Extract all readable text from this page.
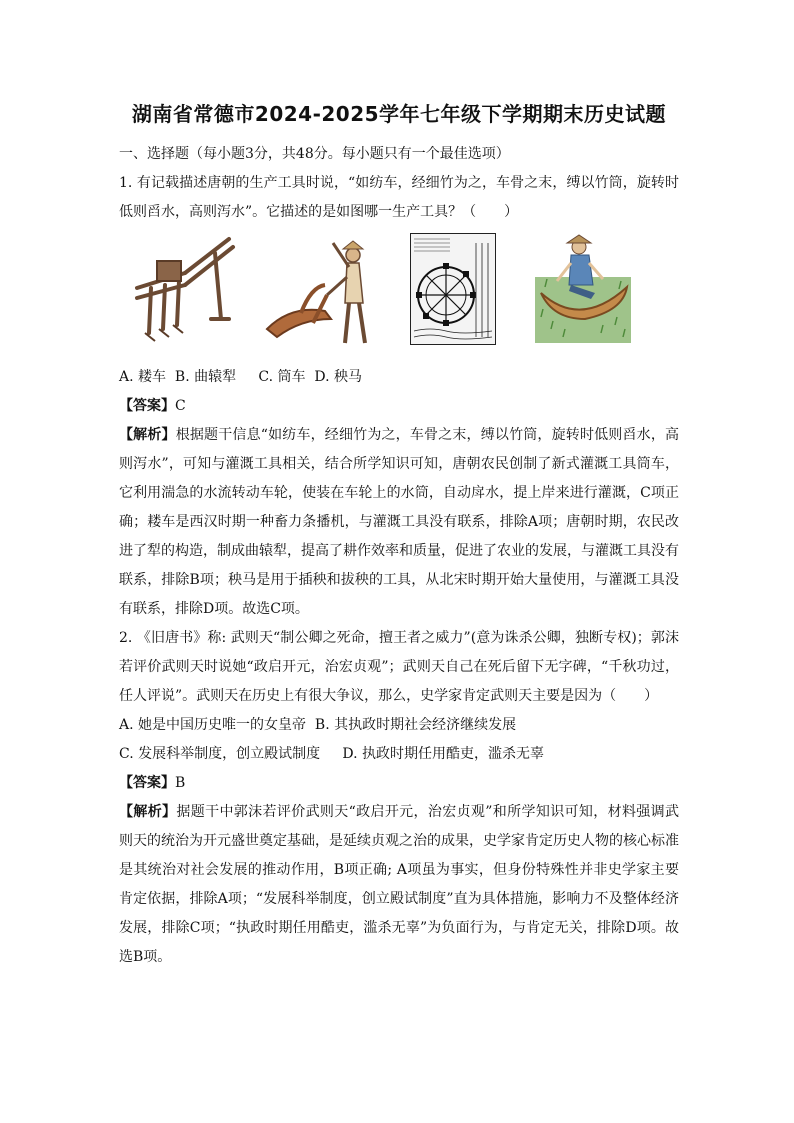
湖南省常德市2024-2025学年七年级下学期期末历史试题

一、选择题（每小题3分，共48分。每小题只有一个最佳选项）

1. 有记载描述唐朝的生产工具时说，“如纺车，经细竹为之，车骨之末，缚以竹筒，旋转时低则舀水，高则泻水”。它描述的是如图哪一生产工具？（　　）

A. 耧车  B. 曲辕犁     C. 筒车  D. 秧马

【答案】C

【解析】根据题干信息“如纺车，经细竹为之，车骨之末，缚以竹筒，旋转时低则舀水，高则泻水”，可知与灌溉工具相关，结合所学知识可知，唐朝农民创制了新式灌溉工具筒车，它利用湍急的水流转动车轮，使装在车轮上的水筒，自动戽水，提上岸来进行灌溉，C项正确；耧车是西汉时期一种畜力条播机，与灌溉工具没有联系，排除A项；唐朝时期，农民改进了犁的构造，制成曲辕犁，提高了耕作效率和质量，促进了农业的发展，与灌溉工具没有联系，排除B项；秧马是用于插秧和拔秧的工具，从北宋时期开始大量使用，与灌溉工具没有联系，排除D项。故选C项。

2. 《旧唐书》称: 武则天“制公卿之死命，擅王者之威力”(意为诛杀公卿，独断专权)；郭沫若评价武则天时说她“政启开元，治宏贞观”；武则天自己在死后留下无字碑，“千秋功过，任人评说”。武则天在历史上有很大争议，那么，史学家肯定武则天主要是因为（　　）

A. 她是中国历史唯一的女皇帝  B. 其执政时期社会经济继续发展

C. 发展科举制度，创立殿试制度     D. 执政时期任用酷吏，滥杀无辜

【答案】B

【解析】据题干中郭沫若评价武则天“政启开元，治宏贞观”和所学知识可知，材料强调武则天的统治为开元盛世奠定基础，是延续贞观之治的成果，史学家肯定历史人物的核心标准是其统治对社会发展的推动作用，B项正确; A项虽为事实，但身份特殊性并非史学家主要肯定依据，排除A项；“发展科举制度，创立殿试制度”直为具体措施，影响力不及整体经济发展，排除C项；“执政时期任用酷吏，滥杀无辜”为负面行为，与肯定无关，排除D项。故选B项。
